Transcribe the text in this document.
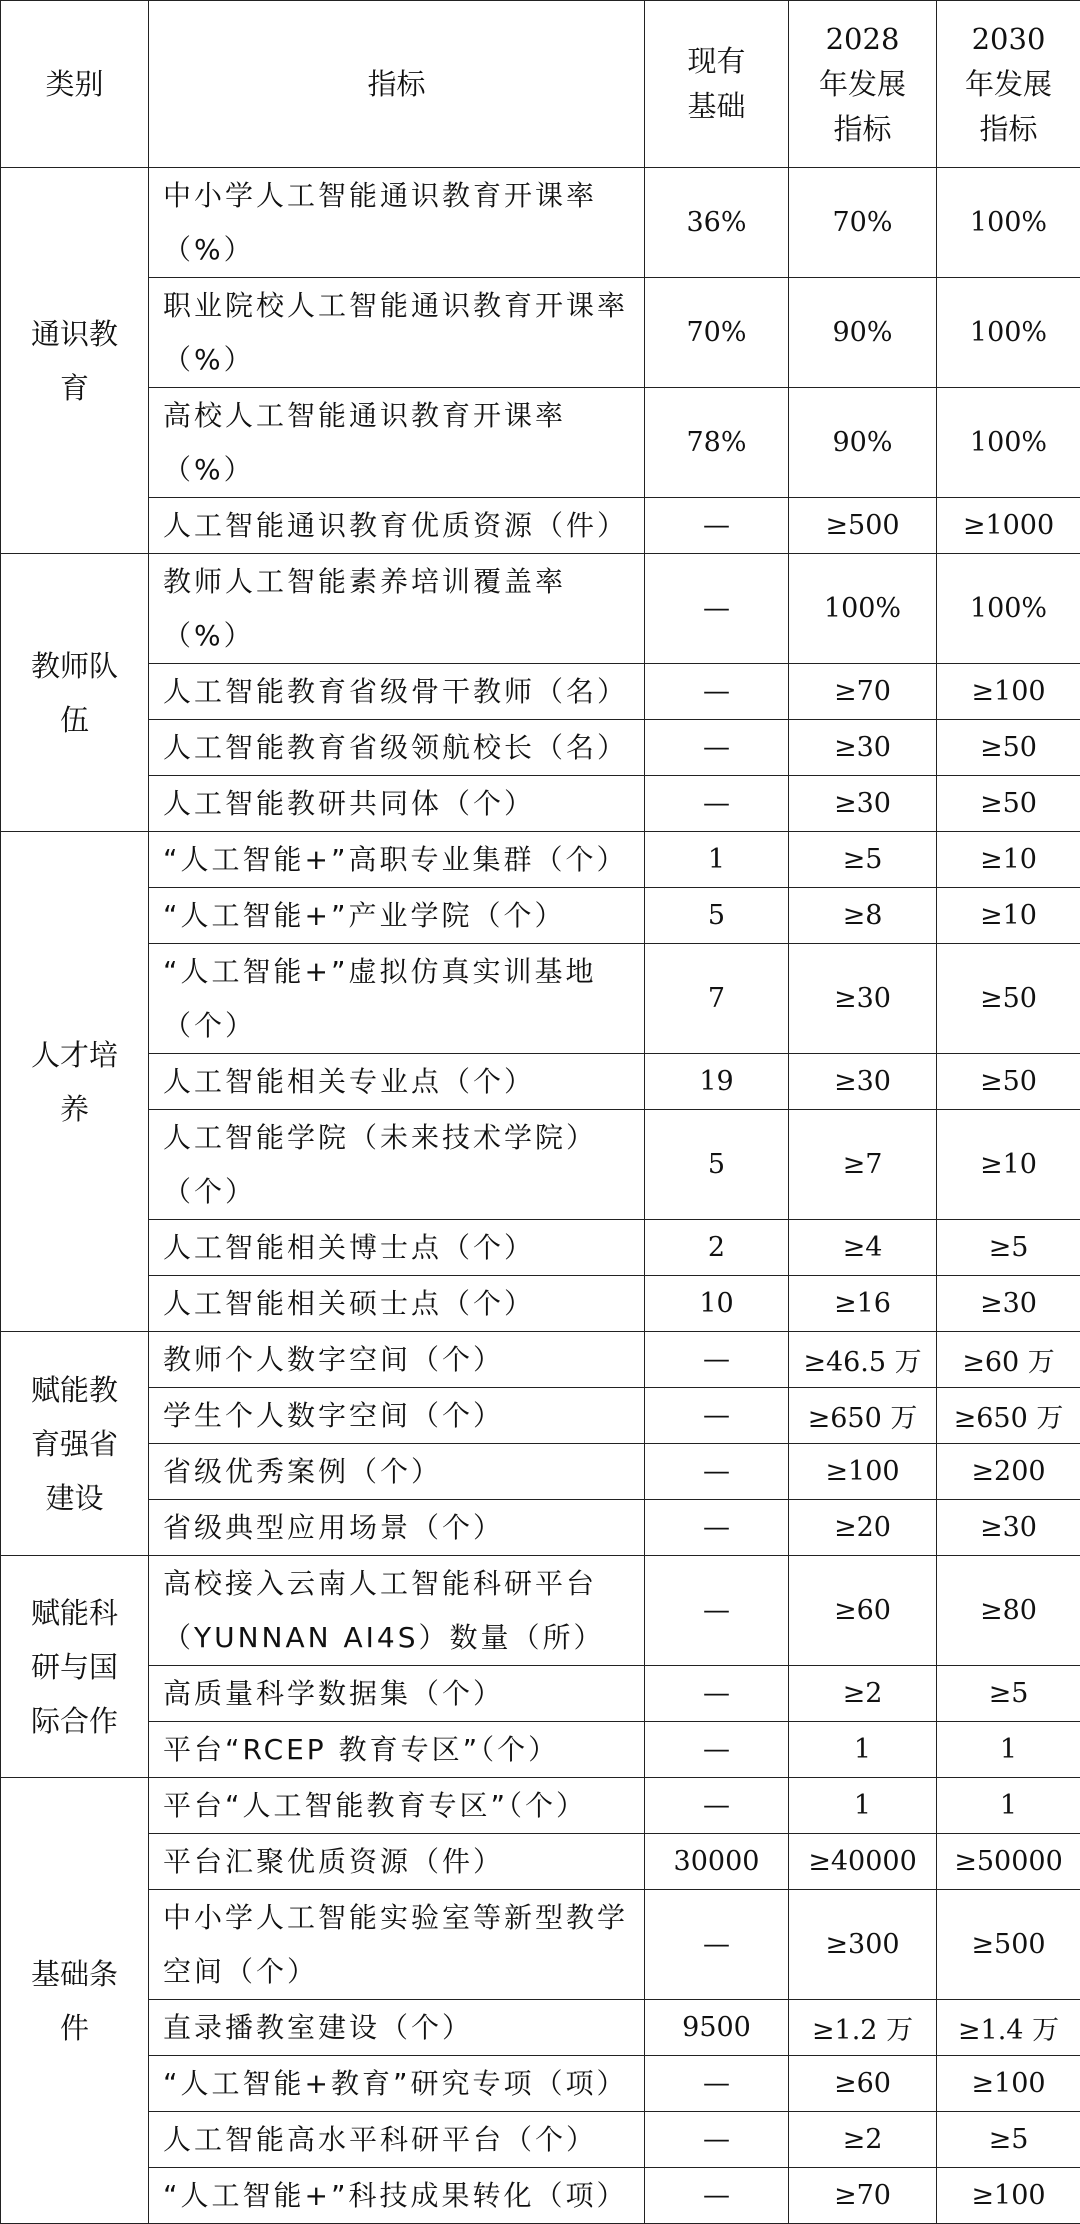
类别	指标	现有基础	2028 年发展指标	2030 年发展指标
通识教育	中小学人工智能通识教育开课率（%）	36%	70%	100%
	职业院校人工智能通识教育开课率（%）	70%	90%	100%
	高校人工智能通识教育开课率（%）	78%	90%	100%
	人工智能通识教育优质资源（件）	—	≥500	≥1000
教师队伍	教师人工智能素养培训覆盖率（%）	—	100%	100%
	人工智能教育省级骨干教师（名）	—	≥70	≥100
	人工智能教育省级领航校长（名）	—	≥30	≥50
	人工智能教研共同体（个）	—	≥30	≥50
人才培养	“人工智能+”高职专业集群（个）	1	≥5	≥10
	“人工智能+”产业学院（个）	5	≥8	≥10
	“人工智能+”虚拟仿真实训基地（个）	7	≥30	≥50
	人工智能相关专业点（个）	19	≥30	≥50
	人工智能学院（未来技术学院）（个）	5	≥7	≥10
	人工智能相关博士点（个）	2	≥4	≥5
	人工智能相关硕士点（个）	10	≥16	≥30
赋能教育强省建设	教师个人数字空间（个）	—	≥46.5 万	≥60 万
	学生个人数字空间（个）	—	≥650 万	≥650 万
	省级优秀案例（个）	—	≥100	≥200
	省级典型应用场景（个）	—	≥20	≥30
赋能科研与国际合作	高校接入云南人工智能科研平台（YUNNAN AI4S）数量（所）	—	≥60	≥80
	高质量科学数据集（个）	—	≥2	≥5
	平台“RCEP 教育专区”（个）	—	1	1
基础条件	平台“人工智能教育专区”（个）	—	1	1
	平台汇聚优质资源（件）	30000	≥40000	≥50000
	中小学人工智能实验室等新型教学空间（个）	—	≥300	≥500
	直录播教室建设（个）	9500	≥1.2 万	≥1.4 万
	“人工智能+教育”研究专项（项）	—	≥60	≥100
	人工智能高水平科研平台（个）	—	≥2	≥5
	“人工智能+”科技成果转化（项）	—	≥70	≥100
